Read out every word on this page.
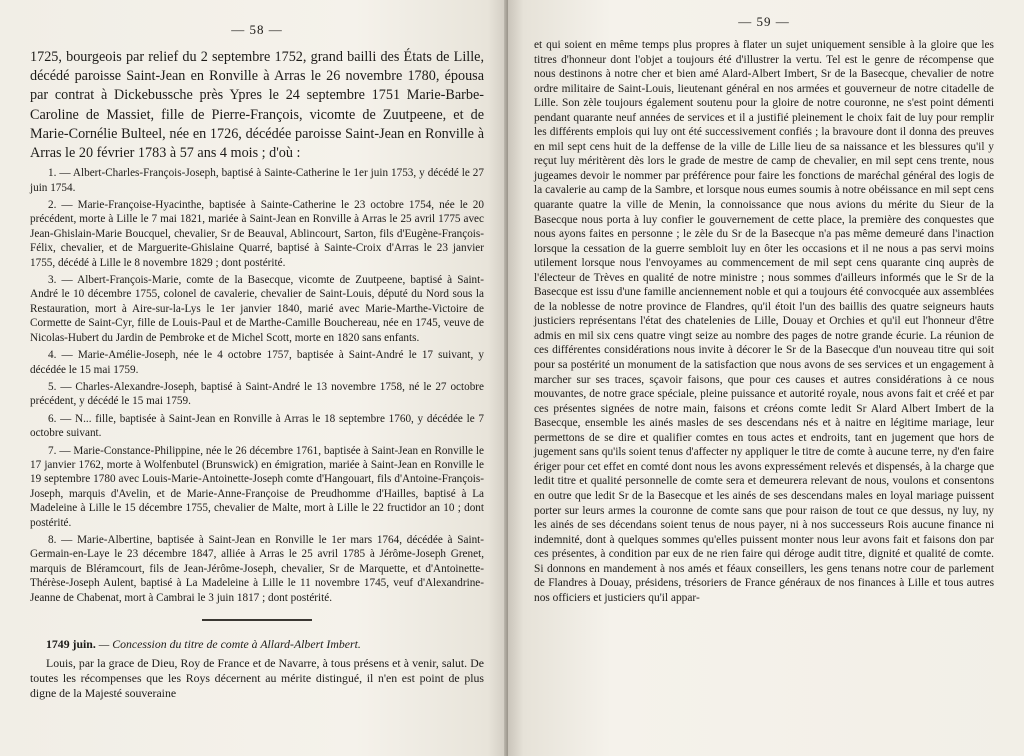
— 58 —

1725, bourgeois par relief du 2 septembre 1752, grand bailli des États de Lille, décédé paroisse Saint-Jean en Ronville à Arras le 26 novembre 1780, épousa par contrat à Dickebussche près Ypres le 24 septembre 1751 Marie-Barbe-Caroline de Massiet, fille de Pierre-François, vicomte de Zuutpeene, et de Marie-Cornélie Bulteel, née en 1726, décédée paroisse Saint-Jean en Ronville à Arras le 20 février 1783 à 57 ans 4 mois ; d'où :

1. — Albert-Charles-François-Joseph, baptisé à Sainte-Catherine le 1er juin 1753, y décédé le 27 juin 1754.

2. — Marie-Françoise-Hyacinthe, baptisée à Sainte-Catherine le 23 octobre 1754, née le 20 précédent, morte à Lille le 7 mai 1821, mariée à Saint-Jean en Ronville à Arras le 25 avril 1775 avec Jean-Ghislain-Marie Boucquel, chevalier, Sr de Beauval, Ablincourt, Sarton, fils d'Eugène-François-Félix, chevalier, et de Marguerite-Ghislaine Quarré, baptisé à Sainte-Croix d'Arras le 23 janvier 1755, décédé à Lille le 8 novembre 1829 ; dont postérité.

3. — Albert-François-Marie, comte de la Basecque, vicomte de Zuutpeene, baptisé à Saint-André le 10 décembre 1755, colonel de cavalerie, chevalier de Saint-Louis, député du Nord sous la Restauration, mort à Aire-sur-la-Lys le 1er janvier 1840, marié avec Marie-Marthe-Victoire de Cormette de Saint-Cyr, fille de Louis-Paul et de Marthe-Camille Bouchereau, née en 1745, veuve de Nicolas-Hubert du Jardin de Pembroke et de Michel Scott, morte en 1820 sans enfants.

4. — Marie-Amélie-Joseph, née le 4 octobre 1757, baptisée à Saint-André le 17 suivant, y décédée le 15 mai 1759.

5. — Charles-Alexandre-Joseph, baptisé à Saint-André le 13 novembre 1758, né le 27 octobre précédent, y décédé le 15 mai 1759.

6. — N... fille, baptisée à Saint-Jean en Ronville à Arras le 18 septembre 1760, y décédée le 7 octobre suivant.

7. — Marie-Constance-Philippine, née le 26 décembre 1761, baptisée à Saint-Jean en Ronville le 17 janvier 1762, morte à Wolfenbutel (Brunswick) en émigration, mariée à Saint-Jean en Ronville le 19 septembre 1780 avec Louis-Marie-Antoinette-Joseph comte d'Hangouart, fils d'Antoine-François-Joseph, marquis d'Avelin, et de Marie-Anne-Françoise de Preudhomme d'Hailles, baptisé à La Madeleine à Lille le 15 décembre 1755, chevalier de Malte, mort à Lille le 22 fructidor an 10 ; dont postérité.

8. — Marie-Albertine, baptisée à Saint-Jean en Ronville le 1er mars 1764, décédée à Saint-Germain-en-Laye le 23 décembre 1847, alliée à Arras le 25 avril 1785 à Jérôme-Joseph Grenet, marquis de Bléramcourt, fils de Jean-Jérôme-Joseph, chevalier, Sr de Marquette, et d'Antoinette-Thérèse-Joseph Aulent, baptisé à La Madeleine à Lille le 11 novembre 1745, veuf d'Alexandrine-Jeanne de Chabenat, mort à Cambrai le 3 juin 1817 ; dont postérité.

1749 juin. — Concession du titre de comte à Allard-Albert Imbert.

Louis, par la grace de Dieu, Roy de France et de Navarre, à tous présens et à venir, salut. De toutes les récompenses que les Roys décernent au mérite distingué, il n'en est point de plus digne de la Majesté souveraine

— 59 —

et qui soient en même temps plus propres à flater un sujet uniquement sensible à la gloire que les titres d'honneur dont l'objet a toujours été d'illustrer la vertu. Tel est le genre de récompense que nous destinons à notre cher et bien amé Alard-Albert Imbert, Sr de la Basecque, chevalier de notre ordre militaire de Saint-Louis, lieutenant général en nos armées et gouverneur de notre citadelle de Lille. Son zèle toujours également soutenu pour la gloire de notre couronne, ne s'est point démenti pendant quarante neuf années de services et il a justifié pleinement le choix fait de luy pour remplir les différents emplois qui luy ont été successivement confiés ; la bravoure dont il donna des preuves en mil sept cens huit de la deffense de la ville de Lille lieu de sa naissance et les blessures qu'il y reçut luy méritèrent dès lors le grade de mestre de camp de chevalier, en mil sept cens trente, nous jugeames devoir le nommer par préférence pour faire les fonctions de maréchal général des logis de la cavalerie au camp de la Sambre, et lorsque nous eumes soumis à notre obéissance en mil sept cens quarante quatre la ville de Menin, la connoissance que nous avions du mérite du Sieur de la Basecque nous porta à luy confier le gouvernement de cette place, la première des conquestes que nous ayons faites en personne ; le zèle du Sr de la Basecque n'a pas même demeuré dans l'inaction lorsque la cessation de la guerre sembloit luy en ôter les occasions et il ne nous a pas servi moins utilement lorsque nous l'envoyames au commencement de mil sept cens quarante cinq auprès de l'électeur de Trèves en qualité de notre ministre ; nous sommes d'ailleurs informés que le Sr de la Basecque est issu d'une famille anciennement noble et qui a toujours été convocquée aux assemblées de la noblesse de notre province de Flandres, qu'il étoit l'un des baillis des quatre seigneurs hauts justiciers représentans l'état des chatelenies de Lille, Douay et Orchies et qu'il eut l'honneur d'être admis en mil six cens quatre vingt seize au nombre des pages de notre grande écurie. La réunion de ces différentes considérations nous invite à décorer le Sr de la Basecque d'un nouveau titre qui soit pour sa postérité un monument de la satisfaction que nous avons de ses services et un engagement à marcher sur ses traces, sçavoir faisons, que pour ces causes et autres considérations à ce nous mouvantes, de notre grace spéciale, pleine puissance et autorité royale, nous avons fait et créé et par ces présentes signées de notre main, faisons et créons comte ledit Sr Alard Albert Imbert de la Basecque, ensemble les ainés masles de ses descendans nés et à naitre en légitime mariage, leur permettons de se dire et qualifier comtes en tous actes et endroits, tant en jugement que hors de jugement sans qu'ils soient tenus d'affecter ny appliquer le titre de comte à aucune terre, ny d'en faire ériger pour cet effet en comté dont nous les avons expressément relevés et dispensés, à la charge que ledit titre et qualité personnelle de comte sera et demeurera relevant de nous, voulons et consentons en outre que ledit Sr de la Basecque et les ainés de ses descendans males en loyal mariage puissent porter sur leurs armes la couronne de comte sans que pour raison de tout ce que dessus, ny luy, ny les ainés de ses décendans soient tenus de nous payer, ni à nos successeurs Rois aucune finance ni indemnité, dont à quelques sommes qu'elles puissent monter nous leur avons fait et faisons don par ces présentes, à condition par eux de ne rien faire qui déroge audit titre, dignité et qualité de comte. Si donnons en mandement à nos amés et féaux conseillers, les gens tenans notre cour de parlement de Flandres à Douay, présidens, trésoriers de France généraux de nos finances à Lille et tous autres nos officiers et justiciers qu'il appar-
